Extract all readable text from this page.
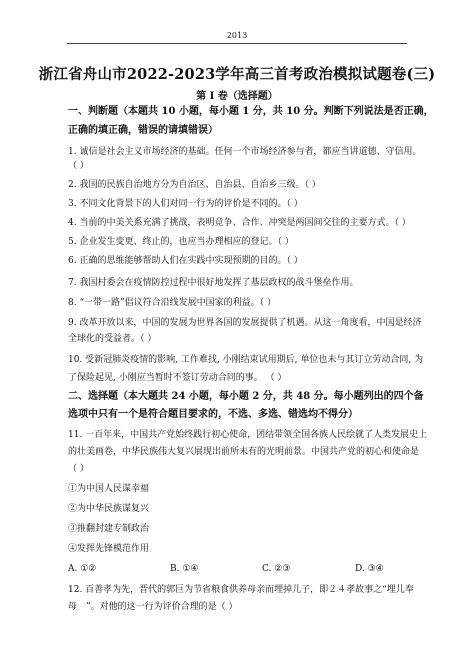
2013
浙江省舟山市2022-2023学年高三首考政治模拟试题卷(三)
第 I 卷（选择题）
一、判断题（本题共 10 小题，每小题 1 分，共 10 分。判断下列说法是否正确，
正确的填正确，错误的请填错误）
1. 诚信是社会主义市场经济的基础。任何一个市场经济参与者，都应当讲道德、守信用。
（ ）
2. 我国的民族自治地方分为自治区、自治县、自治乡三级。（ ）
3. 不同文化背景下的人们对同一行为的评价是不同的。（ ）
4. 当前的中美关系充满了挑战，表明竞争、合作、冲突是两国间交往的主要方式。（ ）
5. 企业发生变更、终止的，也应当办理相应的登记。（ ）
6. 正确的思维能够帮助人们在实践中实现预期的目的。（ ）
7. 我国村委会在疫情防控过程中很好地发挥了基层政权的战斗堡垒作用。
8. “一带一路”倡议符合沿线发展中国家的利益。（ ）
9. 改革开放以来，中国的发展为世界各国的发展提供了机遇。从这一角度看，中国是经济
全球化的受益者。（ ）
10. 受新冠肺炎疫情的影响, 工作难找, 小刚结束试用期后, 单位也未与其订立劳动合同, 为
了保险起见, 小刚应当暂时不签订劳动合同的事。 （ ）
二、选择题（本大题共 24 小题，每小题 2 分，共 48 分。每小题列出的四个备
选项中只有一个是符合题目要求的，不选、多选、错选均不得分）
11. 一百年来，中国共产党始终践行初心使命，团结带领全国各族人民绘就了人类发展史上
的壮美画卷，中华民族伟大复兴展现出前所未有的光明前景。中国共产党的初心和使命是
（ ）
①为中国人民谋幸福
②为中华民族谋复兴
③推翻封建专制政治
④发挥先锋模范作用
A. ①②	B. ①④	C. ②③	D. ③④
12. 百善孝为先，晋代的郭巨为节省粮食供养母亲而埋掉儿子，即２４孝故事之“埋儿奉
母　”。对他的这一行为评价合理的是（ ）
